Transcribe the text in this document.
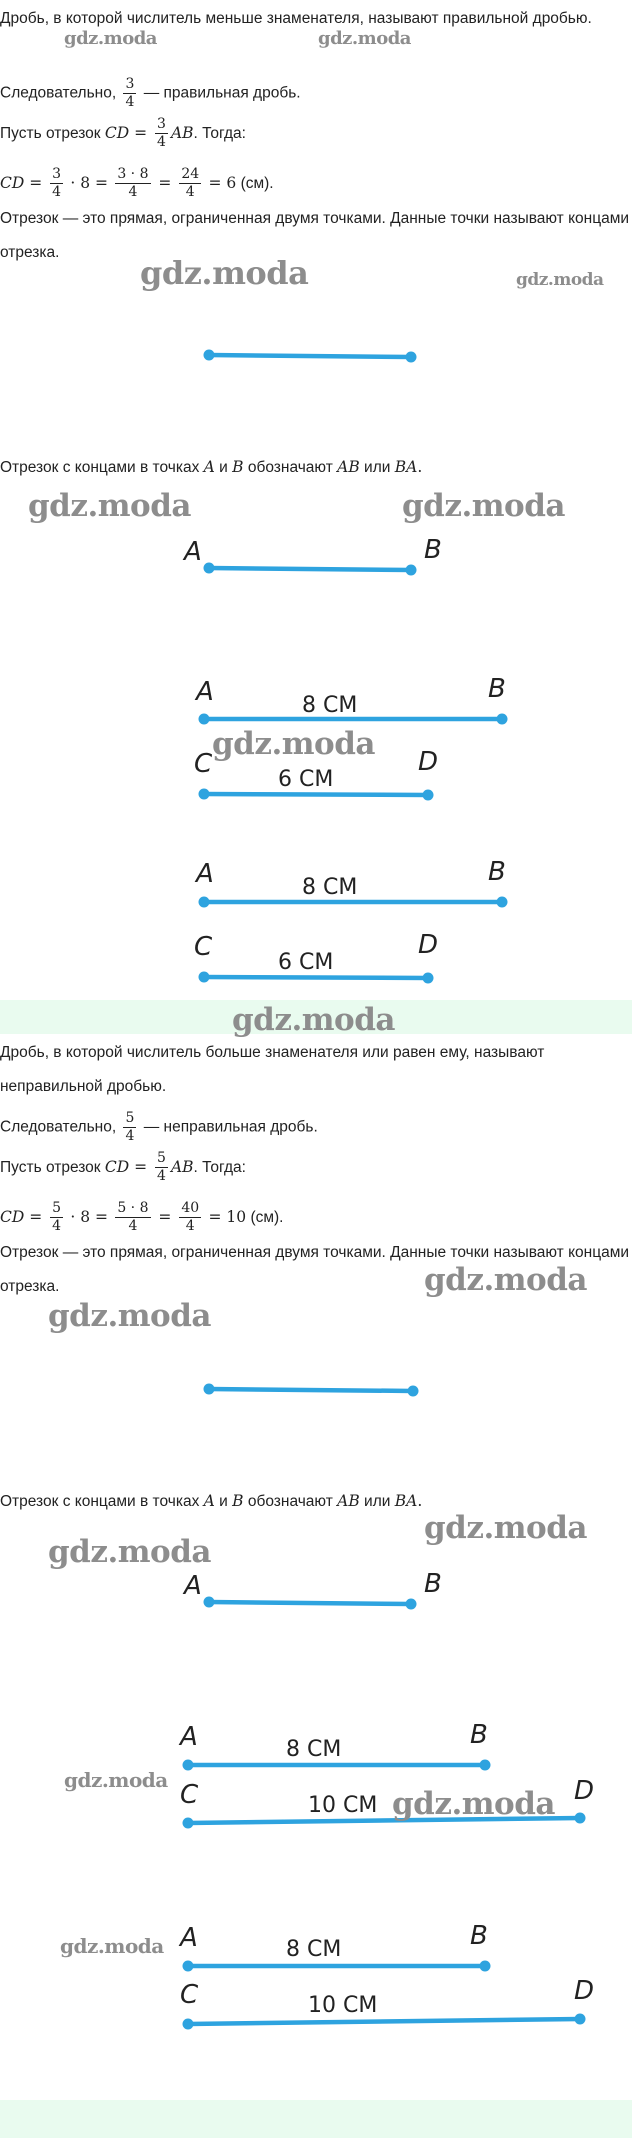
Дробь, в которой числитель меньше знаменателя, называют правильной дробью.

Следовательно, $\frac{3}{4}$ — правильная дробь.

Пусть отрезок CD = $\frac{3}{4}$ AB. Тогда:

CD = $\frac{3}{4} \cdot 8 = \frac{3 \cdot 8}{4} = \frac{24}{4} = 6$ (см).

Отрезок — это прямая, ограниченная двумя точками. Данные точки называют концами отрезка.

Отрезок с концами в точках A и B обозначают AB или BA.

Дробь, в которой числитель больше знаменателя или равен ему, называют неправильной дробью.

Следовательно, $\frac{5}{4}$ — неправильная дробь.

Пусть отрезок CD = $\frac{5}{4}$ AB. Тогда:

CD = $\frac{5}{4} \cdot 8 = \frac{5 \cdot 8}{4} = \frac{40}{4} = 10$ (см).

Отрезок — это прямая, ограниченная двумя точками. Данные точки называют концами отрезка.

Отрезок с концами в точках A и B обозначают AB или BA.

A	B
A	B
8 СМ
C	D
6 СМ
A	B
8 СМ
C	D
6 СМ
A	B
A	B
8 СМ
C	D
10 СМ
A	B
8 СМ
C	D
10 СМ
gdz.moda	gdz.moda
gdz.moda	gdz.moda
gdz.moda	gdz.moda
gdz.moda
gdz.moda
gdz.moda
gdz.moda
gdz.moda
gdz.moda
gdz.moda
gdz.moda
gdz.moda
